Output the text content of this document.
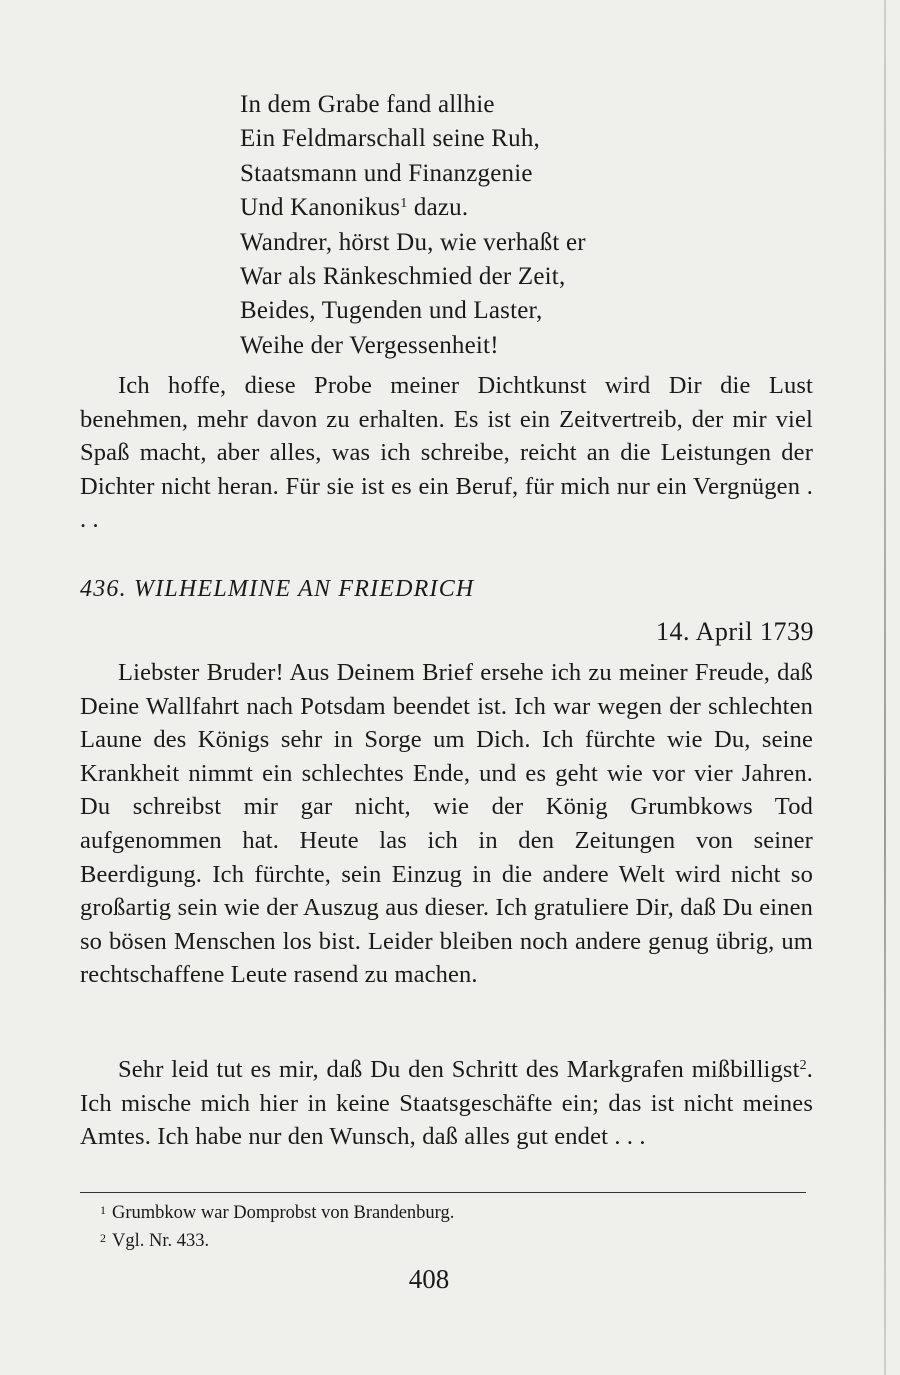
In dem Grabe fand allhie
Ein Feldmarschall seine Ruh,
Staatsmann und Finanzgenie
Und Kanonikus$^1$ dazu.
Wandrer, hörst Du, wie verhaßt er
War als Ränkeschmied der Zeit,
Beides, Tugenden und Laster,
Weihe der Vergessenheit!

Ich hoffe, diese Probe meiner Dichtkunst wird Dir die Lust benehmen, mehr davon zu erhalten. Es ist ein Zeitvertreib, der mir viel Spaß macht, aber alles, was ich schreibe, reicht an die Leistungen der Dichter nicht heran. Für sie ist es ein Beruf, für mich nur ein Vergnügen . . .

436. WILHELMINE AN FRIEDRICH
14. April 1739

Liebster Bruder! Aus Deinem Brief ersehe ich zu meiner Freude, daß Deine Wallfahrt nach Potsdam beendet ist. Ich war wegen der schlechten Laune des Königs sehr in Sorge um Dich. Ich fürchte wie Du, seine Krankheit nimmt ein schlechtes Ende, und es geht wie vor vier Jahren. Du schreibst mir gar nicht, wie der König Grumbkows Tod aufgenommen hat. Heute las ich in den Zeitungen von seiner Beerdigung. Ich fürchte, sein Einzug in die andere Welt wird nicht so großartig sein wie der Auszug aus dieser. Ich gratuliere Dir, daß Du einen so bösen Menschen los bist. Leider bleiben noch andere genug übrig, um rechtschaffene Leute rasend zu machen.

Sehr leid tut es mir, daß Du den Schritt des Markgrafen mißbilligst$^2$. Ich mische mich hier in keine Staatsgeschäfte ein; das ist nicht meines Amtes. Ich habe nur den Wunsch, daß alles gut endet . . .

$^1$ Grumbkow war Domprobst von Brandenburg.
$^2$ Vgl. Nr. 433.
408
